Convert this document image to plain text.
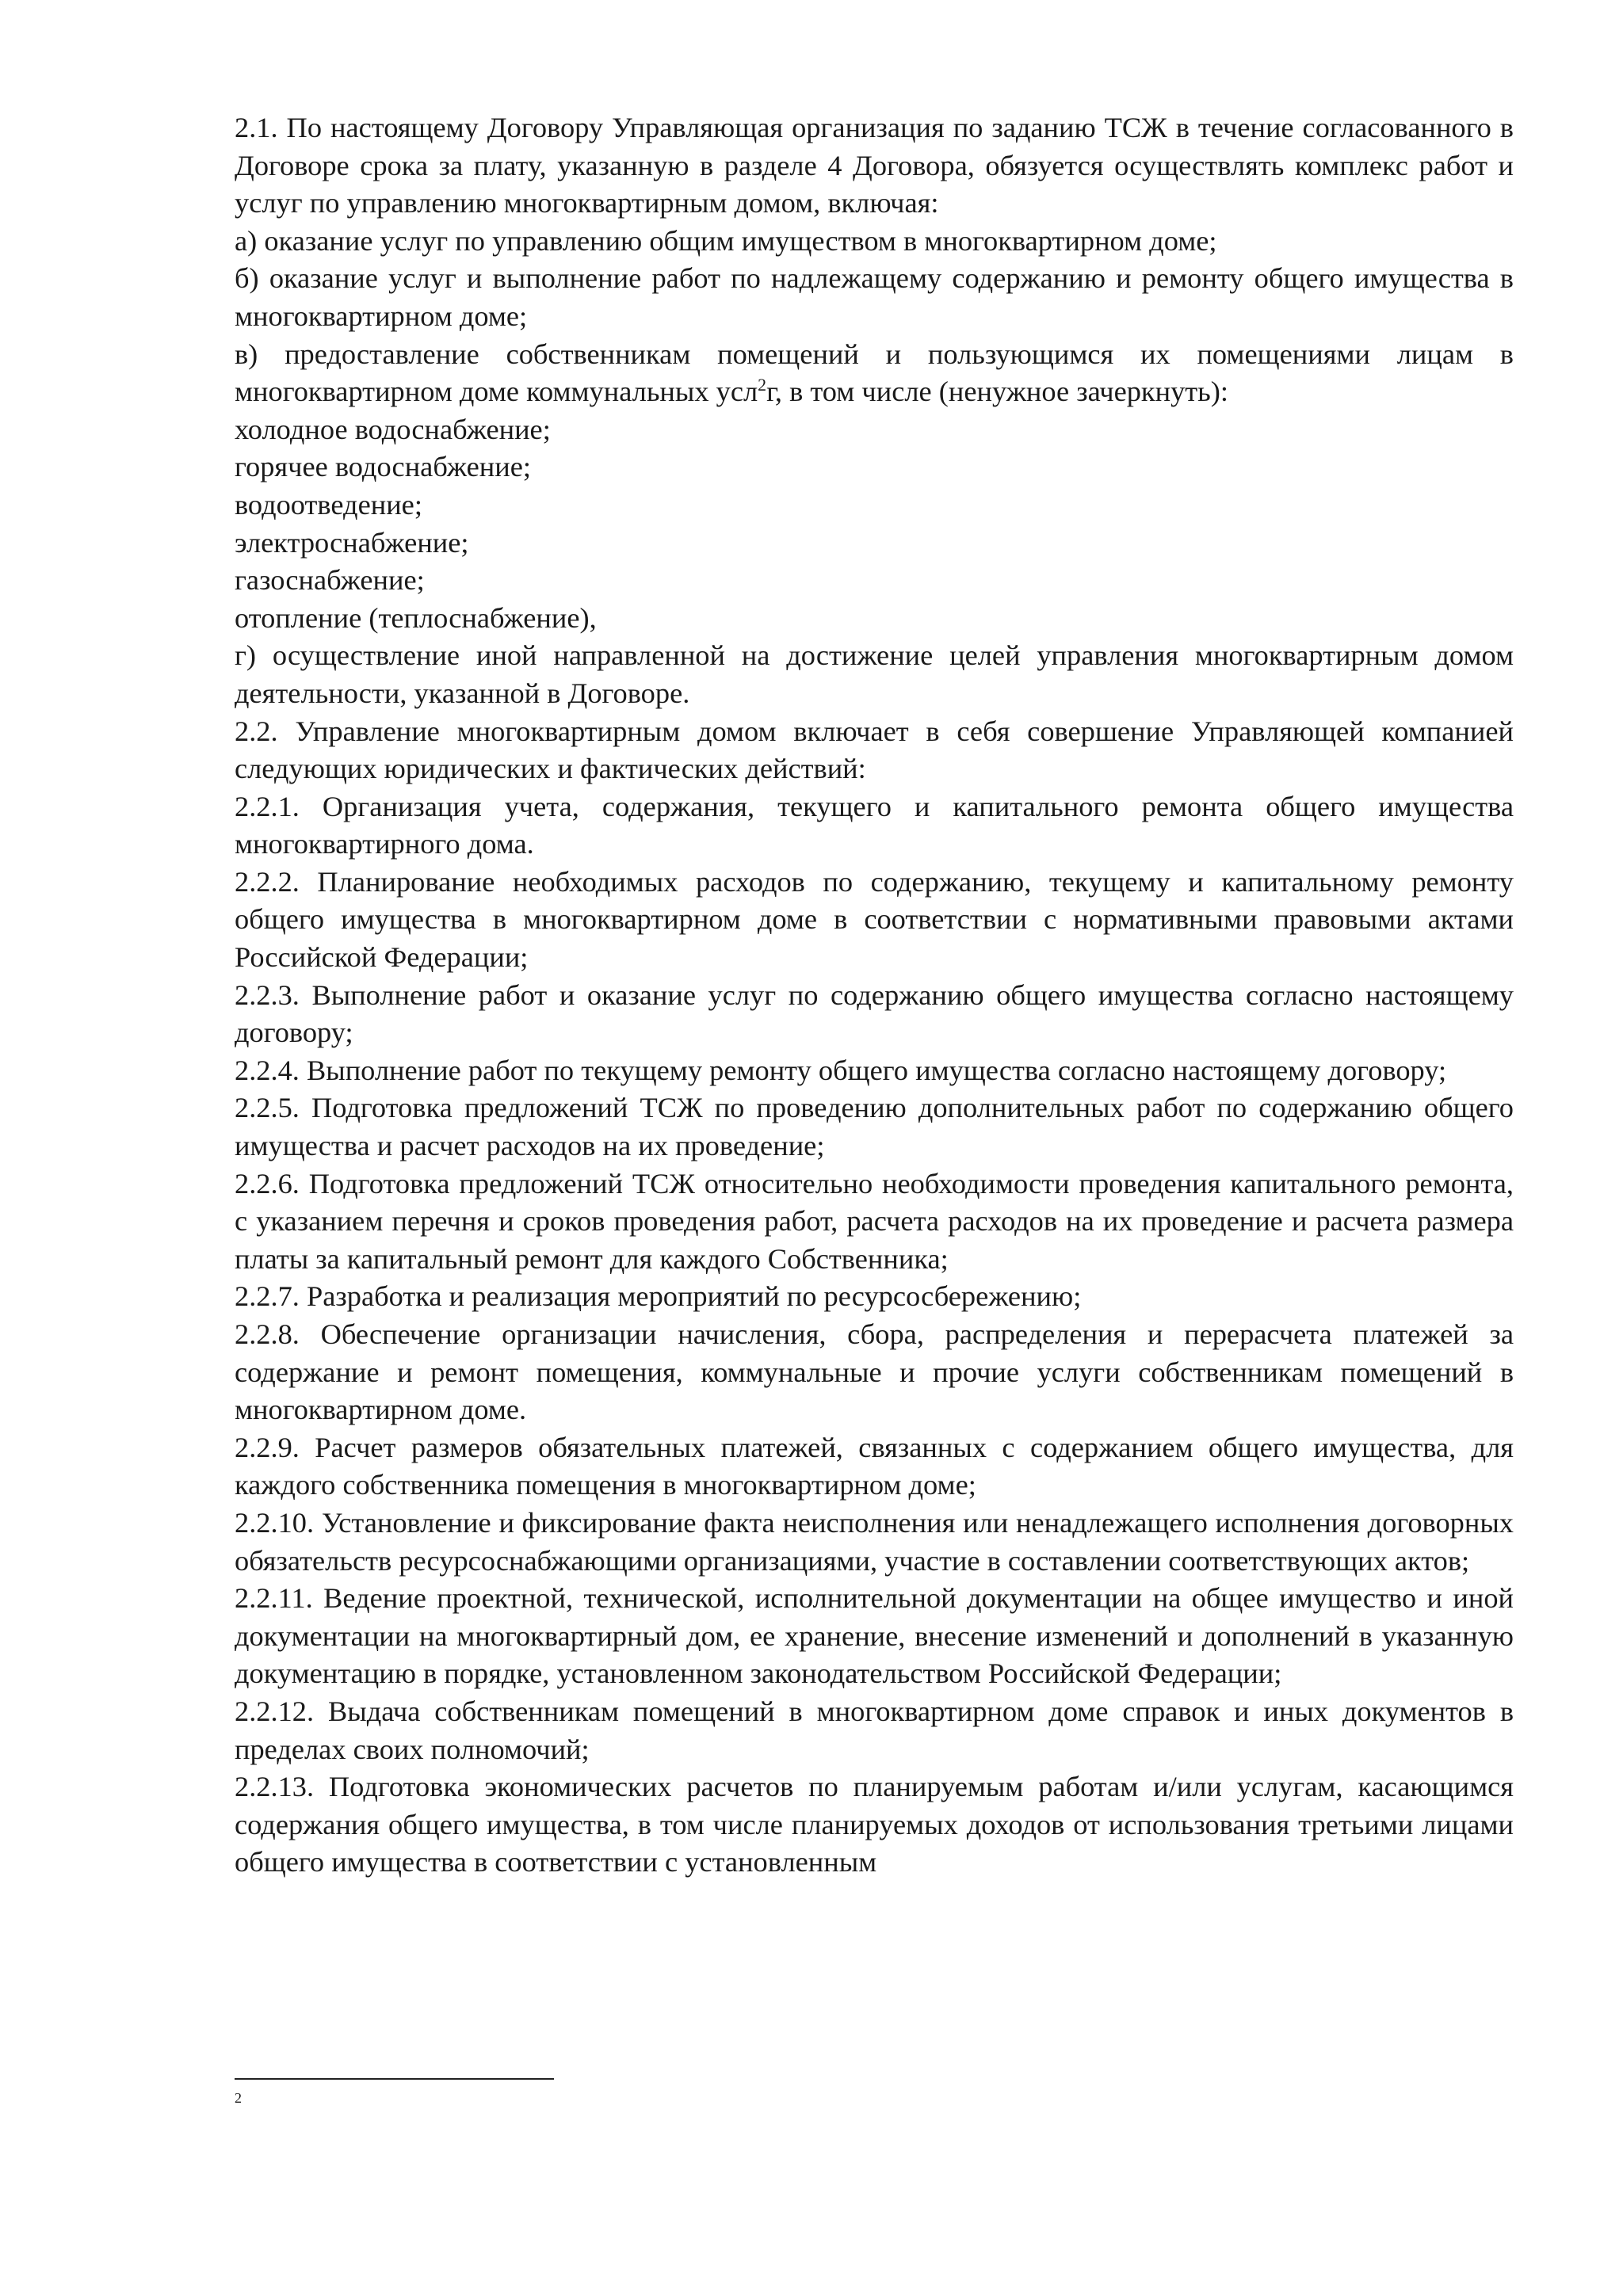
2.1. По настоящему Договору Управляющая организация по заданию ТСЖ в течение согласованного в Договоре срока за плату, указанную в разделе 4 Договора, обязуется осуществлять комплекс работ и услуг по управлению многоквартирным домом, включая:

а) оказание услуг по управлению общим имуществом в многоквартирном доме;

б) оказание услуг и выполнение работ по надлежащему содержанию и ремонту общего имущества в многоквартирном доме;

в) предоставление собственникам помещений и пользующимся их помещениями лицам в многоквартирном доме коммунальных усл$^2$г, в том числе (ненужное зачеркнуть):

холодное водоснабжение;

горячее водоснабжение;

водоотведение;

электроснабжение;

газоснабжение;

отопление (теплоснабжение),

г) осуществление иной направленной на достижение целей управления многоквартирным домом деятельности, указанной в Договоре.

2.2. Управление многоквартирным домом включает в себя совершение Управляющей компанией следующих юридических и фактических действий:

2.2.1. Организация учета, содержания, текущего и капитального ремонта общего имущества многоквартирного дома.

2.2.2. Планирование необходимых расходов по содержанию, текущему и капитальному ремонту общего имущества в многоквартирном доме в соответствии с нормативными правовыми актами Российской Федерации;

2.2.3. Выполнение работ и оказание услуг по содержанию общего имущества согласно настоящему договору;

2.2.4. Выполнение работ по текущему ремонту общего имущества согласно настоящему договору;

2.2.5. Подготовка предложений ТСЖ по проведению дополнительных работ по содержанию общего имущества и расчет расходов на их проведение;

2.2.6. Подготовка предложений ТСЖ относительно необходимости проведения капитального ремонта, с указанием перечня и сроков проведения работ, расчета расходов на их проведение и расчета размера платы за капитальный ремонт для каждого Собственника;

2.2.7. Разработка и реализация мероприятий по ресурсосбережению;

2.2.8. Обеспечение организации начисления, сбора, распределения и перерасчета платежей за содержание и ремонт помещения, коммунальные и прочие услуги собственникам помещений в многоквартирном доме.

2.2.9. Расчет размеров обязательных платежей, связанных с содержанием общего имущества, для каждого собственника помещения в многоквартирном доме;

2.2.10. Установление и фиксирование факта неисполнения или ненадлежащего исполнения договорных обязательств ресурсоснабжающими организациями, участие в составлении соответствующих актов;

2.2.11. Ведение проектной, технической, исполнительной документации на общее имущество и иной документации на многоквартирный дом, ее хранение, внесение изменений и дополнений в указанную документацию в порядке, установленном законодательством Российской Федерации;

2.2.12. Выдача собственникам помещений в многоквартирном доме справок и иных документов в пределах своих полномочий;

2.2.13. Подготовка экономических расчетов по планируемым работам и/или услугам, касающимся содержания общего имущества, в том числе планируемых доходов от использования третьими лицами общего имущества в соответствии с установленным

2
